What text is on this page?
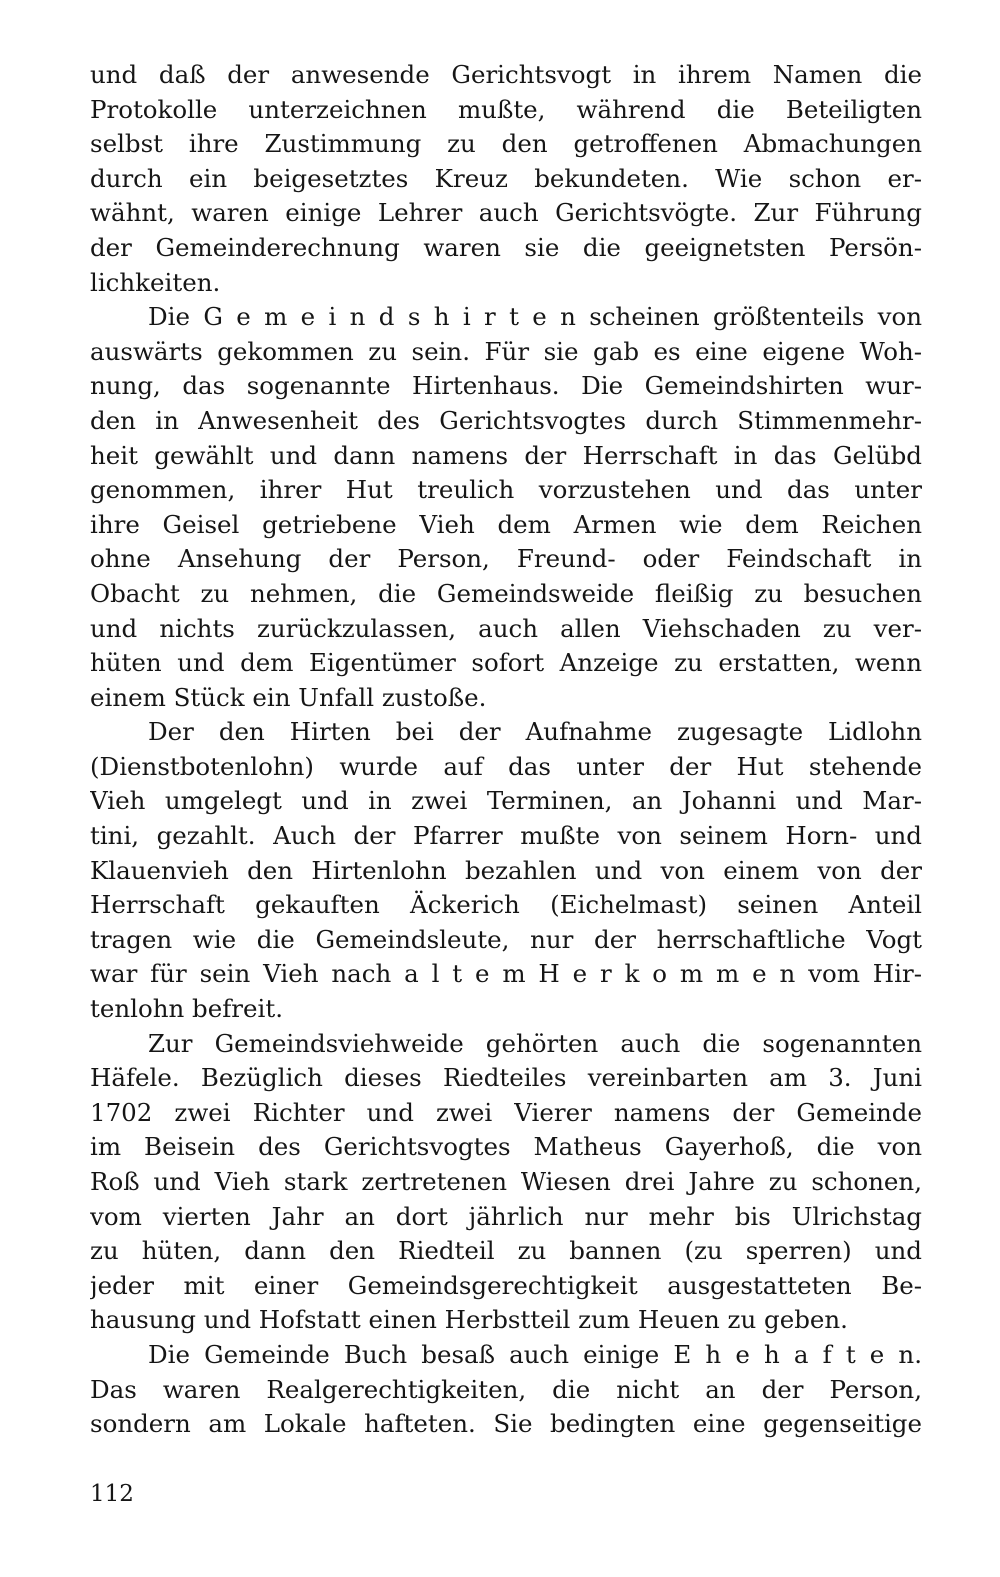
und daß der anwesende Gerichtsvogt in ihrem Namen die
Protokolle unterzeichnen mußte, während die Beteiligten
selbst ihre Zustimmung zu den getroffenen Abmachungen
durch ein beigesetztes Kreuz bekundeten. Wie schon er-
wähnt, waren einige Lehrer auch Gerichtsvögte. Zur Führung
der Gemeinderechnung waren sie die geeignetsten Persön-
lichkeiten.
Die G e m e i n d s h i r t e n scheinen größtenteils von
auswärts gekommen zu sein. Für sie gab es eine eigene Woh-
nung, das sogenannte Hirtenhaus. Die Gemeindshirten wur-
den in Anwesenheit des Gerichtsvogtes durch Stimmenmehr-
heit gewählt und dann namens der Herrschaft in das Gelübd
genommen, ihrer Hut treulich vorzustehen und das unter
ihre Geisel getriebene Vieh dem Armen wie dem Reichen
ohne Ansehung der Person, Freund- oder Feindschaft in
Obacht zu nehmen, die Gemeindsweide fleißig zu besuchen
und nichts zurückzulassen, auch allen Viehschaden zu ver-
hüten und dem Eigentümer sofort Anzeige zu erstatten, wenn
einem Stück ein Unfall zustoße.
Der den Hirten bei der Aufnahme zugesagte Lidlohn
(Dienstbotenlohn) wurde auf das unter der Hut stehende
Vieh umgelegt und in zwei Terminen, an Johanni und Mar-
tini, gezahlt. Auch der Pfarrer mußte von seinem Horn- und
Klauenvieh den Hirtenlohn bezahlen und von einem von der
Herrschaft gekauften Äckerich (Eichelmast) seinen Anteil
tragen wie die Gemeindsleute, nur der herrschaftliche Vogt
war für sein Vieh nach a l t e m H e r k o m m e n vom Hir-
tenlohn befreit.
Zur Gemeindsviehweide gehörten auch die sogenannten
Häfele. Bezüglich dieses Riedteiles vereinbarten am 3. Juni
1702 zwei Richter und zwei Vierer namens der Gemeinde
im Beisein des Gerichtsvogtes Matheus Gayerhoß, die von
Roß und Vieh stark zertretenen Wiesen drei Jahre zu schonen,
vom vierten Jahr an dort jährlich nur mehr bis Ulrichstag
zu hüten, dann den Riedteil zu bannen (zu sperren) und
jeder mit einer Gemeindsgerechtigkeit ausgestatteten Be-
hausung und Hofstatt einen Herbstteil zum Heuen zu geben.
Die Gemeinde Buch besaß auch einige E h e h a f t e n.
Das waren Realgerechtigkeiten, die nicht an der Person,
sondern am Lokale hafteten. Sie bedingten eine gegenseitige
112
